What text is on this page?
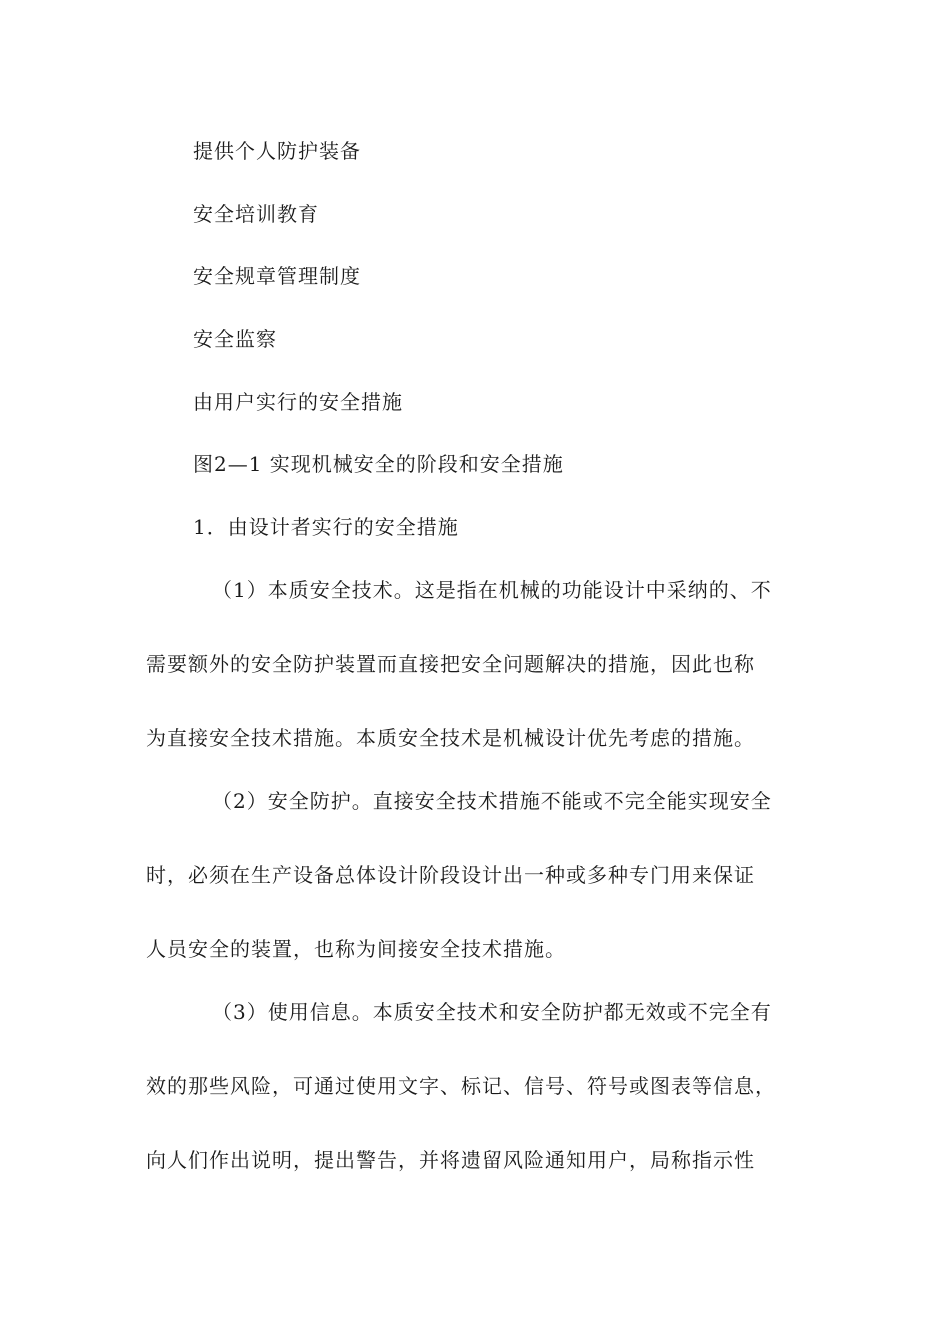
提供个人防护装备
安全培训教育
安全规章管理制度
安全监察
由用户实行的安全措施
图2—1 实现机械安全的阶段和安全措施
1．由设计者实行的安全措施
（1）本质安全技术。这是指在机械的功能设计中采纳的、不
需要额外的安全防护装置而直接把安全问题解决的措施，因此也称
为直接安全技术措施。本质安全技术是机械设计优先考虑的措施。
（2）安全防护。直接安全技术措施不能或不完全能实现安全
时，必须在生产设备总体设计阶段设计出一种或多种专门用来保证
人员安全的装置，也称为间接安全技术措施。
（3）使用信息。本质安全技术和安全防护都无效或不完全有
效的那些风险，可通过使用文字、标记、信号、符号或图表等信息，
向人们作出说明，提出警告，并将遗留风险通知用户，局称指示性
